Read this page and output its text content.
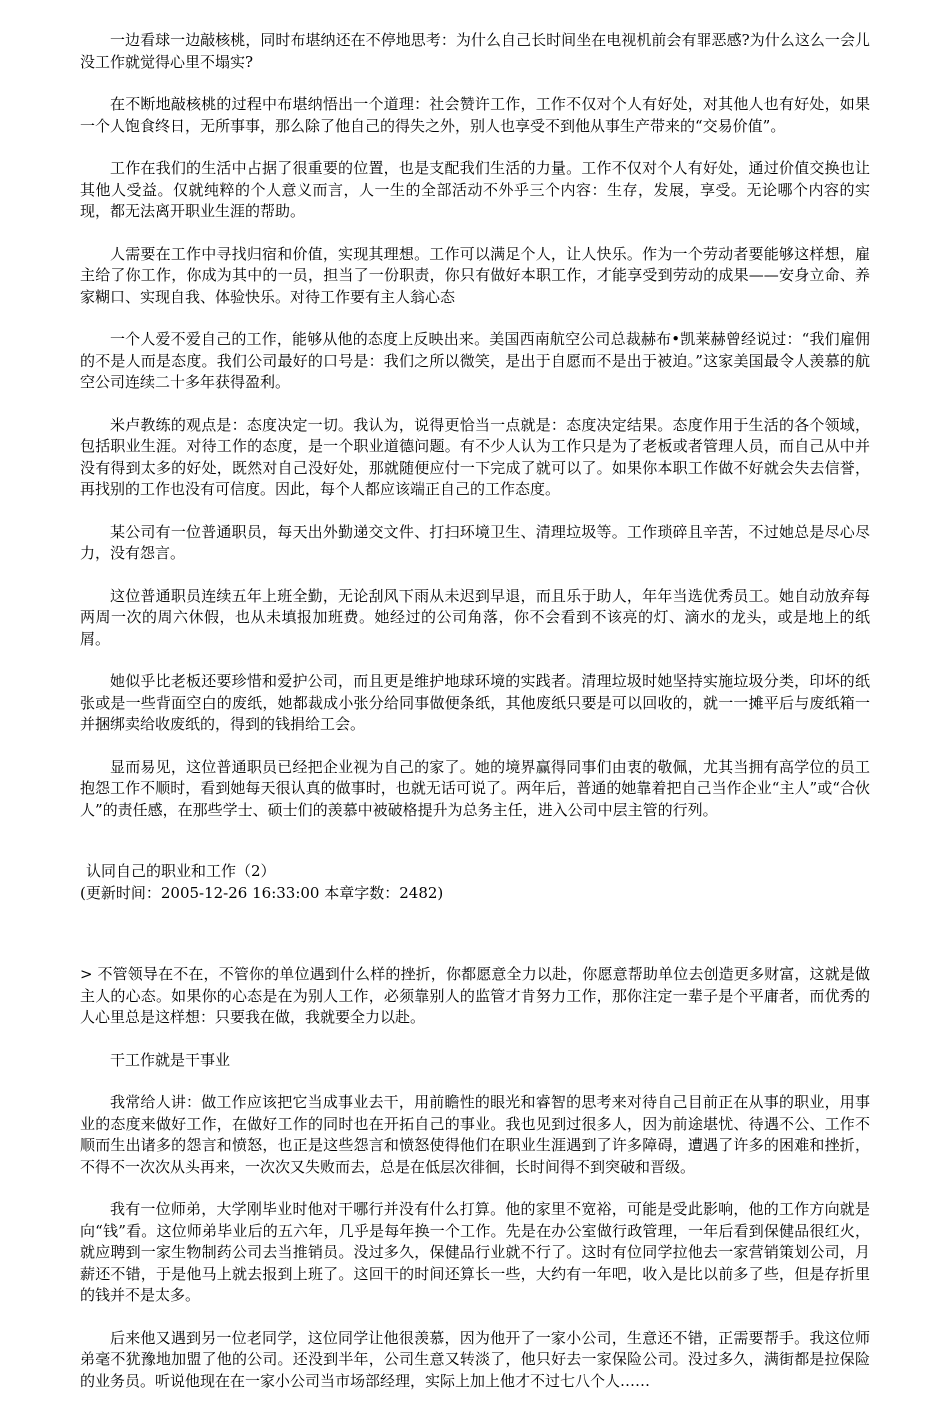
一边看球一边敲核桃，同时布堪纳还在不停地思考：为什么自己长时间坐在电视机前会有罪恶感?为什么这么一会儿没工作就觉得心里不塌实?

在不断地敲核桃的过程中布堪纳悟出一个道理：社会赞许工作，工作不仅对个人有好处，对其他人也有好处，如果一个人饱食终日，无所事事，那么除了他自己的得失之外，别人也享受不到他从事生产带来的“交易价值”。

工作在我们的生活中占据了很重要的位置，也是支配我们生活的力量。工作不仅对个人有好处，通过价值交换也让其他人受益。仅就纯粹的个人意义而言，人一生的全部活动不外乎三个内容：生存，发展，享受。无论哪个内容的实现，都无法离开职业生涯的帮助。

人需要在工作中寻找归宿和价值，实现其理想。工作可以满足个人，让人快乐。作为一个劳动者要能够这样想，雇主给了你工作，你成为其中的一员，担当了一份职责，你只有做好本职工作，才能享受到劳动的成果——安身立命、养家糊口、实现自我、体验快乐。对待工作要有主人翁心态

一个人爱不爱自己的工作，能够从他的态度上反映出来。美国西南航空公司总裁赫布•凯莱赫曾经说过：“我们雇佣的不是人而是态度。我们公司最好的口号是：我们之所以微笑，是出于自愿而不是出于被迫。”这家美国最令人羡慕的航空公司连续二十多年获得盈利。

米卢教练的观点是：态度决定一切。我认为，说得更恰当一点就是：态度决定结果。态度作用于生活的各个领域，包括职业生涯。对待工作的态度，是一个职业道德问题。有不少人认为工作只是为了老板或者管理人员，而自己从中并没有得到太多的好处，既然对自己没好处，那就随便应付一下完成了就可以了。如果你本职工作做不好就会失去信誉，再找别的工作也没有可信度。因此，每个人都应该端正自己的工作态度。

某公司有一位普通职员，每天出外勤递交文件、打扫环境卫生、清理垃圾等。工作琐碎且辛苦，不过她总是尽心尽力，没有怨言。

这位普通职员连续五年上班全勤，无论刮风下雨从未迟到早退，而且乐于助人，年年当选优秀员工。她自动放弃每两周一次的周六休假，也从未填报加班费。她经过的公司角落，你不会看到不该亮的灯、滴水的龙头，或是地上的纸屑。

她似乎比老板还要珍惜和爱护公司，而且更是维护地球环境的实践者。清理垃圾时她坚持实施垃圾分类，印坏的纸张或是一些背面空白的废纸，她都裁成小张分给同事做便条纸，其他废纸只要是可以回收的，就一一摊平后与废纸箱一并捆绑卖给收废纸的，得到的钱捐给工会。

显而易见，这位普通职员已经把企业视为自己的家了。她的境界赢得同事们由衷的敬佩，尤其当拥有高学位的员工抱怨工作不顺时，看到她每天很认真的做事时，也就无话可说了。两年后，普通的她靠着把自己当作企业“主人”或“合伙人”的责任感，在那些学士、硕士们的羡慕中被破格提升为总务主任，进入公司中层主管的行列。

认同自己的职业和工作（2）

(更新时间：2005-12-26 16:33:00 本章字数：2482)

> 不管领导在不在，不管你的单位遇到什么样的挫折，你都愿意全力以赴，你愿意帮助单位去创造更多财富，这就是做主人的心态。如果你的心态是在为别人工作，必须靠别人的监管才肯努力工作，那你注定一辈子是个平庸者，而优秀的人心里总是这样想：只要我在做，我就要全力以赴。

干工作就是干事业

我常给人讲：做工作应该把它当成事业去干，用前瞻性的眼光和睿智的思考来对待自己目前正在从事的职业，用事业的态度来做好工作，在做好工作的同时也在开拓自己的事业。我也见到过很多人，因为前途堪忧、待遇不公、工作不顺而生出诸多的怨言和愤怒，也正是这些怨言和愤怒使得他们在职业生涯遇到了许多障碍，遭遇了许多的困难和挫折，不得不一次次从头再来，一次次又失败而去，总是在低层次徘徊，长时间得不到突破和晋级。

我有一位师弟，大学刚毕业时他对干哪行并没有什么打算。他的家里不宽裕，可能是受此影响，他的工作方向就是向“钱”看。这位师弟毕业后的五六年，几乎是每年换一个工作。先是在办公室做行政管理，一年后看到保健品很红火，就应聘到一家生物制药公司去当推销员。没过多久，保健品行业就不行了。这时有位同学拉他去一家营销策划公司，月薪还不错，于是他马上就去报到上班了。这回干的时间还算长一些，大约有一年吧，收入是比以前多了些，但是存折里的钱并不是太多。

后来他又遇到另一位老同学，这位同学让他很羡慕，因为他开了一家小公司，生意还不错，正需要帮手。我这位师弟毫不犹豫地加盟了他的公司。还没到半年，公司生意又转淡了，他只好去一家保险公司。没过多久，满街都是拉保险的业务员。听说他现在在一家小公司当市场部经理，实际上加上他才不过七八个人……
